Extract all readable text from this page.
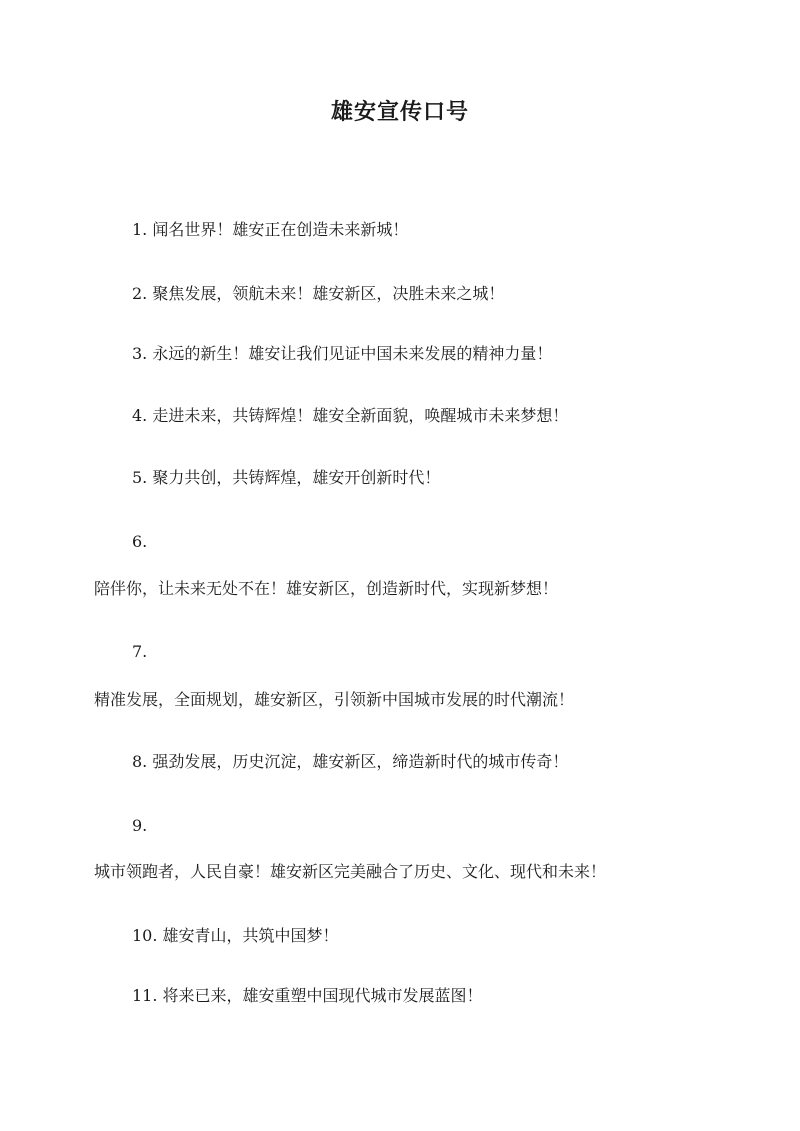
雄安宣传口号
1. 闻名世界！雄安正在创造未来新城！
2. 聚焦发展，领航未来！雄安新区，决胜未来之城！
3. 永远的新生！雄安让我们见证中国未来发展的精神力量！
4. 走进未来，共铸辉煌！雄安全新面貌，唤醒城市未来梦想！
5. 聚力共创，共铸辉煌，雄安开创新时代！
6.
陪伴你，让未来无处不在！雄安新区，创造新时代，实现新梦想！
7.
精准发展，全面规划，雄安新区，引领新中国城市发展的时代潮流！
8. 强劲发展，历史沉淀，雄安新区，缔造新时代的城市传奇！
9.
城市领跑者，人民自豪！雄安新区完美融合了历史、文化、现代和未来！
10. 雄安青山，共筑中国梦！
11. 将来已来，雄安重塑中国现代城市发展蓝图！
